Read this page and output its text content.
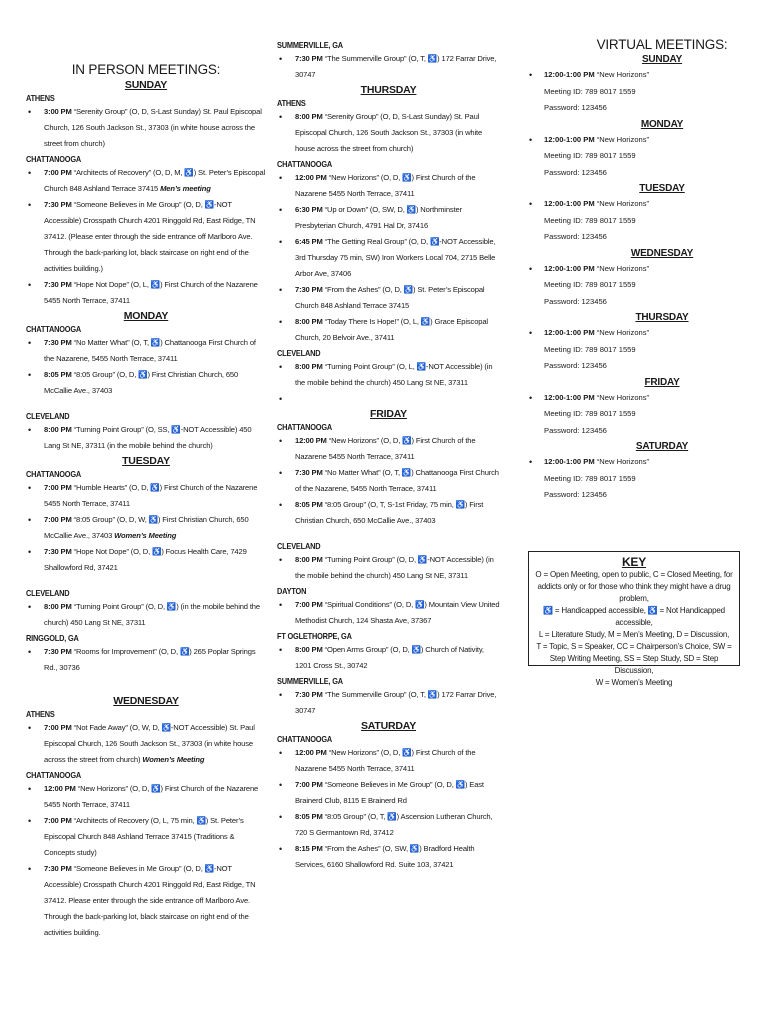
IN PERSON MEETINGS:
SUNDAY
ATHENS
• 3:00 PM “Serenity Group” (O, D, S-Last Sunday) St. Paul Episcopal Church, 126 South Jackson St., 37303 (in white house across the street from church)
CHATTANOOGA
• 7:00 PM “Architects of Recovery” (O, D, M, ♿) St. Peter’s Episcopal Church 848 Ashland Terrace 37415 Men’s meeting
• 7:30 PM “Someone Believes in Me Group” (O, D, ♿-NOT Accessible) Crosspath Church 4201 Ringgold Rd, East Ridge, TN 37412. (Please enter through the side entrance off Marlboro Ave. Through the back-parking lot, black staircase on right end of the activities building.)
• 7:30 PM “Hope Not Dope” (O, L, ♿) First Church of the Nazarene 5455 North Terrace, 37411
MONDAY
CHATTANOOGA
• 7:30 PM “No Matter What” (O, T, ♿) Chattanooga First Church of the Nazarene, 5455 North Terrace, 37411
• 8:05 PM “8:05 Group” (O, D, ♿) First Christian Church, 650 McCallie Ave., 37403
CLEVELAND
• 8:00 PM “Turning Point Group” (O, SS, ♿-NOT Accessible) 450 Lang St NE, 37311 (in the mobile behind the church)
TUESDAY
CHATTANOOGA
• 7:00 PM “Humble Hearts” (O, D, ♿) First Church of the Nazarene 5455 North Terrace, 37411
• 7:00 PM “8:05 Group” (O, D, W, ♿) First Christian Church, 650 McCallie Ave., 37403 Women’s Meeting
• 7:30 PM “Hope Not Dope” (O, D, ♿) Focus Health Care, 7429 Shallowford Rd, 37421
CLEVELAND
• 8:00 PM “Turning Point Group” (O, D, ♿) (in the mobile behind the church) 450 Lang St NE, 37311
RINGGOLD, GA
• 7:30 PM “Rooms for Improvement” (O, D, ♿) 265 Poplar Springs Rd., 30736
WEDNESDAY
ATHENS
• 7:00 PM “Not Fade Away” (O, W, D, ♿-NOT Accessible) St. Paul Episcopal Church, 126 South Jackson St., 37303 (in white house across the street from church) Women’s Meeting
CHATTANOOGA
• 12:00 PM “New Horizons” (O, D, ♿) First Church of the Nazarene 5455 North Terrace, 37411
• 7:00 PM “Architects of Recovery (O, L, 75 min, ♿) St. Peter’s Episcopal Church 848 Ashland Terrace 37415 (Traditions & Concepts study)
• 7:30 PM “Someone Believes in Me Group” (O, D, ♿-NOT Accessible) Crosspath Church 4201 Ringgold Rd, East Ridge, TN 37412. Please enter through the side entrance off Marlboro Ave. Through the back-parking lot, black staircase on right end of the activities building.
SUMMERVILLE, GA
• 7:30 PM “The Summerville Group” (O, T, ♿) 172 Farrar Drive, 30747
THURSDAY
ATHENS
• 8:00 PM “Serenity Group” (O, D, S-Last Sunday) St. Paul Episcopal Church, 126 South Jackson St., 37303 (in white house across the street from church)
CHATTANOOGA
• 12:00 PM “New Horizons” (O, D, ♿) First Church of the Nazarene 5455 North Terrace, 37411
• 6:30 PM “Up or Down” (O, SW, D, ♿) Northminster Presbyterian Church, 4791 Hal Dr, 37416
• 6:45 PM “The Getting Real Group” (O, D, ♿-NOT Accessible, 3rd Thursday 75 min, SW) Iron Workers Local 704, 2715 Belle Arbor Ave, 37406
• 7:30 PM “From the Ashes” (O, D, ♿) St. Peter’s Episcopal Church 848 Ashland Terrace 37415
• 8:00 PM “Today There Is Hope!” (O, L, ♿) Grace Episcopal Church, 20 Belvoir Ave., 37411
CLEVELAND
• 8:00 PM “Turning Point Group” (O, L, ♿-NOT Accessible) (in the mobile behind the church) 450 Lang St NE, 37311
•
FRIDAY
CHATTANOOGA
• 12:00 PM “New Horizons” (O, D, ♿) First Church of the Nazarene 5455 North Terrace, 37411
• 7:30 PM “No Matter What” (O, T, ♿) Chattanooga First Church of the Nazarene, 5455 North Terrace, 37411
• 8:05 PM “8:05 Group” (O, T, S-1st Friday, 75 min, ♿) First Christian Church, 650 McCallie Ave., 37403
CLEVELAND
• 8:00 PM “Turning Point Group” (O, D, ♿-NOT Accessible) (in the mobile behind the church) 450 Lang St NE, 37311
DAYTON
• 7:00 PM “Spiritual Conditions” (O, D, ♿) Mountain View United Methodist Church, 124 Shasta Ave, 37367
FT OGLETHORPE, GA
• 8:00 PM “Open Arms Group” (O, D, ♿) Church of Nativity, 1201 Cross St., 30742
SUMMERVILLE, GA
• 7:30 PM “The Summerville Group” (O, T, ♿) 172 Farrar Drive, 30747
SATURDAY
CHATTANOOGA
• 12:00 PM “New Horizons” (O, D, ♿) First Church of the Nazarene 5455 North Terrace, 37411
• 7:00 PM “Someone Believes in Me Group” (O, D, ♿) East Brainerd Club, 8115 E Brainerd Rd
• 8:05 PM “8:05 Group” (O, T, ♿) Ascension Lutheran Church, 720 S Germantown Rd, 37412
• 8:15 PM “From the Ashes” (O, SW, ♿) Bradford Health Services, 6160 Shallowford Rd. Suite 103, 37421
VIRTUAL MEETINGS:
SUNDAY
• 12:00-1:00 PM “New Horizons”
Meeting ID: 789 8017 1559
Password: 123456
MONDAY
• 12:00-1:00 PM “New Horizons”
Meeting ID: 789 8017 1559
Password: 123456
TUESDAY
• 12:00-1:00 PM “New Horizons”
Meeting ID: 789 8017 1559
Password: 123456
WEDNESDAY
• 12:00-1:00 PM “New Horizons”
Meeting ID: 789 8017 1559
Password: 123456
THURSDAY
• 12:00-1:00 PM “New Horizons”
Meeting ID: 789 8017 1559
Password: 123456
FRIDAY
• 12:00-1:00 PM “New Horizons”
Meeting ID: 789 8017 1559
Password: 123456
SATURDAY
• 12:00-1:00 PM “New Horizons”
Meeting ID: 789 8017 1559
Password: 123456
KEY
O = Open Meeting, open to public, C = Closed Meeting, for addicts only or for those who think they might have a drug problem,
♿ = Handicapped accessible, ♿ = Not Handicapped accessible,
L = Literature Study, M = Men’s Meeting, D = Discussion,
T = Topic, S = Speaker, CC = Chairperson’s Choice, SW = Step Writing Meeting, SS = Step Study, SD = Step Discussion,
W = Women’s Meeting
